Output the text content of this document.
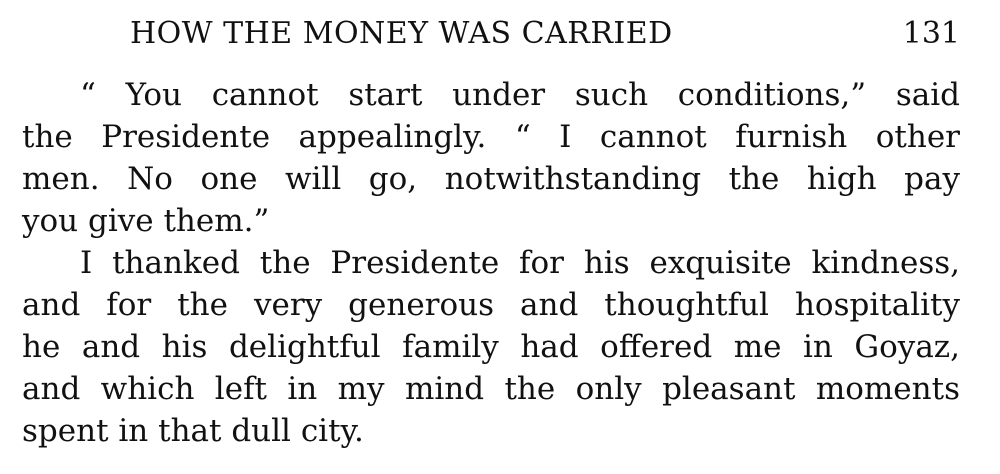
HOW THE MONEY WAS CARRIED	131
“ You cannot start under such conditions,” said
the Presidente appealingly. “ I cannot furnish other
men. No one will go, notwithstanding the high pay
you give them.”
I thanked the Presidente for his exquisite kindness,
and for the very generous and thoughtful hospitality
he and his delightful family had offered me in Goyaz,
and which left in my mind the only pleasant moments
spent in that dull city.
